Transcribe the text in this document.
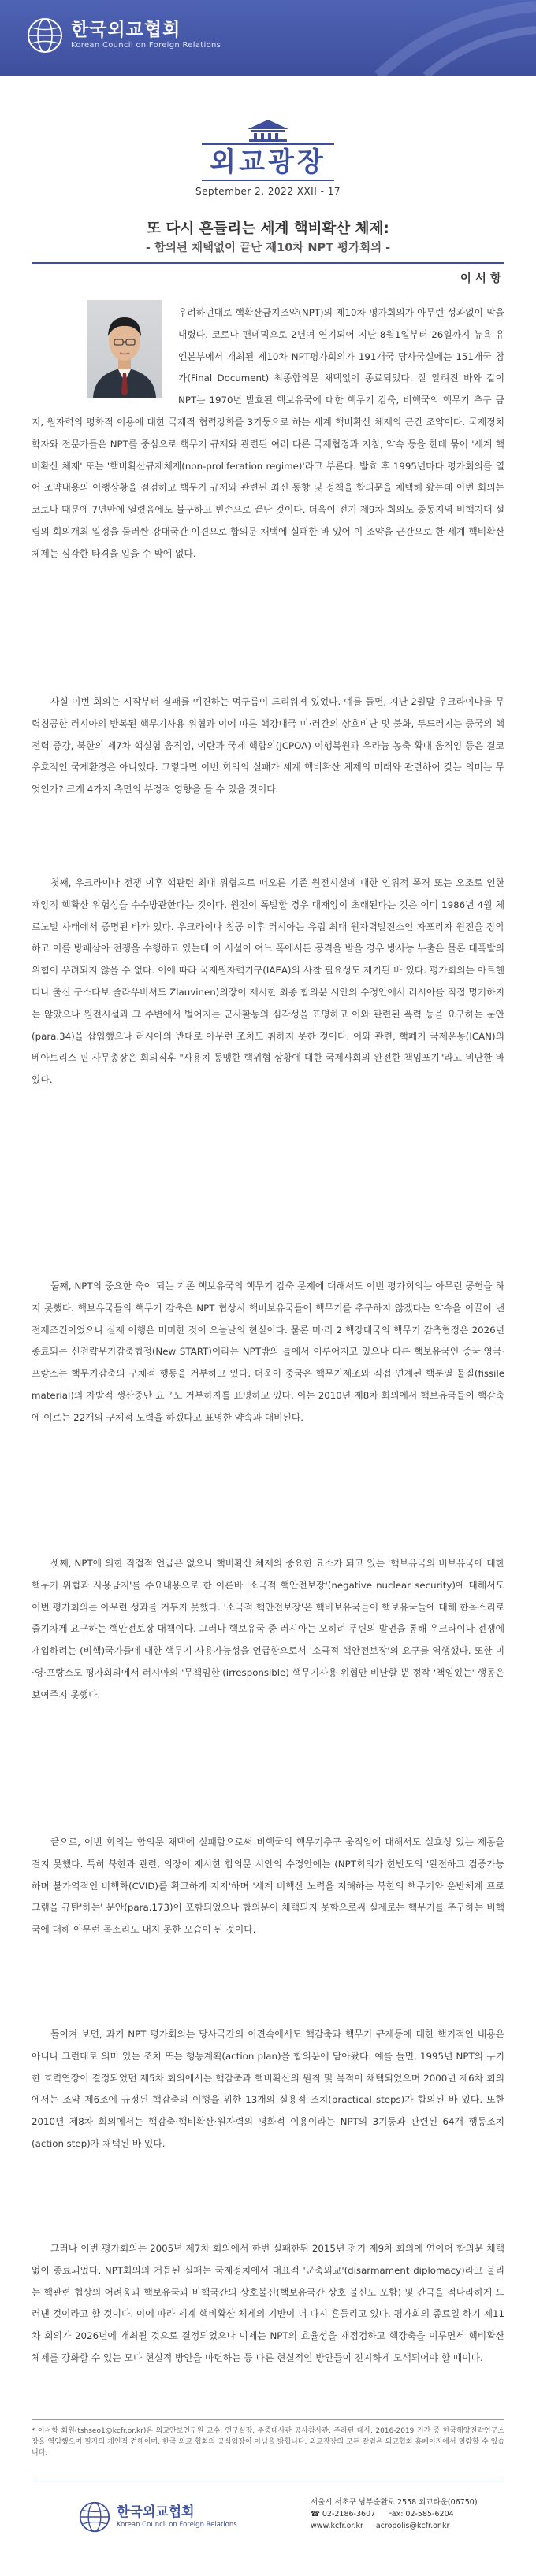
한국외교협회
Korean Council on Foreign Relations
외교광장
September 2, 2022 XXII - 17
또 다시 흔들리는 세계 핵비확산 체제:
- 합의된 채택없이 끝난 제10차 NPT 평가회의 -
이 서 항

우려하던대로 핵확산금지조약(NPT)의 제10차 평가회의가 아무런 성과없이 막을 내렸다. 코로나 팬데믹으로 2년여 연기되어 지난 8월1일부터 26일까지 뉴욕 유엔본부에서 개최된 제10차 NPT평가회의가 191개국 당사국실에는 151개국 참가(Final Document) 최종합의문 채택없이 종료되었다. 잘 알려진 바와 같이 NPT는 1970년 발효된 핵보유국에 대한 핵무기 감축, 비핵국의 핵무기 추구 금지, 원자력의 평화적 이용에 대한 국제적 협력강화를 3기둥으로 하는 세계 핵비확산 체제의 근간 조약이다. 국제정치학자와 전문가들은 NPT를 중심으로 핵무기 규제와 관련된 여러 다른 국제협정과 지침, 약속 등을 한데 묶어 '세계 핵비확산 체제' 또는 '핵비확산규제체제(non-proliferation regime)'라고 부른다. 발효 후 1995년마다 평가회의를 열어 조약내용의 이행상황을 점검하고 핵무기 규제와 관련된 최신 동향 및 정책을 합의문을 채택해 왔는데 이번 회의는 코로나 때문에 7년만에 열렸음에도 불구하고 빈손으로 끝난 것이다. 더욱이 전기 제9차 회의도 중동지역 비핵지대 설립의 회의개최 일정을 둘러싼 강대국간 이견으로 합의문 채택에 실패한 바 있어 이 조약을 근간으로 한 세계 핵비확산 체제는 심각한 타격을 입을 수 밖에 없다.

사실 이번 회의는 시작부터 실패를 예견하는 먹구름이 드리워져 있었다. 예를 들면, 지난 2월말 우크라이나를 무력침공한 러시아의 반복된 핵무기사용 위협과 이에 따른 핵강대국 미·러간의 상호비난 및 불화, 두드러지는 중국의 핵전력 증강, 북한의 제7차 핵실험 움직임, 이란과 국제 핵합의(JCPOA) 이행복원과 우라늄 농축 확대 움직임 등은 결코 우호적인 국제환경은 아니었다. 그렇다면 이번 회의의 실패가 세계 핵비확산 체제의 미래와 관련하여 갖는 의미는 무엇인가? 크게 4가지 측면의 부정적 영향을 들 수 있을 것이다.

첫째, 우크라이나 전쟁 이후 핵관련 최대 위협으로 떠오른 기존 원전시설에 대한 인위적 폭격 또는 오조로 인한 재앙적 핵확산 위험성을 수수방관한다는 것이다. 원전이 폭발할 경우 대재앙이 초래된다는 것은 이미 1986년 4월 체르노빌 사태에서 증명된 바가 있다. 우크라이나 침공 이후 러시아는 유럽 최대 원자력발전소인 자포리자 원전을 장악하고 이를 방패삼아 전쟁을 수행하고 있는데 이 시설이 여느 폭에서든 공격을 받을 경우 방사능 누출은 물론 대폭발의 위험이 우려되지 않을 수 없다. 이에 따라 국제원자력기구(IAEA)의 사찰 필요성도 제기된 바 있다. 평가회의는 아르헨티나 출신 구스타보 줄라우비셔드 Zlauvinen)의장이 제시한 최종 합의문 시안의 수정안에서 러시아를 직접 명기하지는 않았으나 원전시설과 그 주변에서 벌어지는 군사활동의 심각성을 표명하고 이와 관련된 폭력 등을 요구하는 문안(para.34)을 삽입했으나 러시아의 반대로 아무런 조치도 취하지 못한 것이다. 이와 관련, 핵폐기 국제운동(ICAN)의 베아트리스 핀 사무총장은 회의직후 "사용치 동맹한 핵위협 상황에 대한 국제사회의 완전한 책임포기"라고 비난한 바 있다.

둘째, NPT의 중요한 축이 되는 기존 핵보유국의 핵무기 감축 문제에 대해서도 이번 평가회의는 아무런 공헌을 하지 못했다. 핵보유국들의 핵무기 감축은 NPT 협상시 핵비보유국들이 핵무기를 추구하지 않겠다는 약속을 이끌어 낸 전제조건이었으나 실제 이행은 미미한 것이 오늘날의 현실이다. 물론 미·러 2 핵강대국의 핵무기 감축협정은 2026년 종료되는 신전략무기감축협정(New START)이라는 NPT밖의 틀에서 이루어지고 있으나 다른 핵보유국인 중국·영국·프랑스는 핵무기감축의 구체적 행동을 거부하고 있다. 더욱이 중국은 핵무기제조와 직접 연계된 핵분열 물질(fissile material)의 자발적 생산중단 요구도 거부하자를 표명하고 있다. 이는 2010년 제8차 회의에서 핵보유국들이 핵감축에 이르는 22개의 구체적 노력을 하겠다고 표명한 약속과 대비된다.

셋째, NPT에 의한 직접적 언급은 없으나 핵비확산 체제의 중요한 요소가 되고 있는 '핵보유국의 비보유국에 대한 핵무기 위협과 사용금지'를 주요내용으로 한 이른바 '소극적 핵안전보장'(negative nuclear security)에 대해서도 이번 평가회의는 아무런 성과를 거두지 못했다. '소극적 핵안전보장'은 핵비보유국들이 핵보유국들에 대해 한목소리로 줄기차게 요구하는 핵안전보장 대책이다. 그러나 핵보유국 중 러시아는 오히려 푸틴의 발언을 통해 우크라이나 전쟁에 개입하려는 (비핵)국가들에 대한 핵무기 사용가능성을 언급함으로서 '소극적 핵안전보장'의 요구를 역행했다. 또한 미·영·프랑스도 평가회의에서 러시아의 '무책임한'(irresponsible) 핵무기사용 위협만 비난할 뿐 정작 '책임있는' 행동은 보여주지 못했다.

끝으로, 이번 회의는 합의문 채택에 실패함으로써 비핵국의 핵무기추구 움직임에 대해서도 실효성 있는 제동을 걸지 못했다. 특히 북한과 관련, 의장이 제시한 합의문 시안의 수정안에는 (NPT회의가 한반도의 '완전하고 검증가능하며 불가역적인 비핵화(CVID)를 확고하게 지지'하며 '세계 비핵산 노력을 저해하는 북한의 핵무기와 운반체계 프로그램을 규탄'하는' 문안(para.173)이 포함되었으나 합의문이 채택되지 못함으로써 실제로는 핵무기를 추구하는 비핵국에 대해 아무런 목소리도 내지 못한 모습이 된 것이다.

돌이켜 보면, 과거 NPT 평가회의는 당사국간의 이견속에서도 핵감축과 핵무기 규제등에 대한 핵기적인 내용은 아니나 그런대로 의미 있는 조치 또는 행동계획(action plan)을 합의문에 담아왔다. 예를 들면, 1995년 NPT의 무기한 효력연장이 결정되었던 제5차 회의에서는 핵감축과 핵비확산의 원칙 및 목적이 채택되었으며 2000년 제6차 회의에서는 조약 제6조에 규정된 핵감축의 이행을 위한 13개의 실용적 조치(practical steps)가 합의된 바 있다. 또한 2010년 제8차 회의에서는 핵감축·핵비확산·원자력의 평화적 이용이라는 NPT의 3기둥과 관련된 64개 행동조치(action step)가 채택된 바 있다.

그러나 이번 평가회의는 2005년 제7차 회의에서 한번 실패한뒤 2015년 전기 제9차 회의에 연이어 합의문 채택없이 종료되었다. NPT회의의 거듭된 실패는 국제정치에서 대표적 '군축외교'(disarmament diplomacy)라고 불리는 핵관련 협상의 어려움과 핵보유국과 비핵국간의 상호불신(핵보유국간 상호 불신도 포함) 및 간극을 적나라하게 드러낸 것이라고 할 것이다. 이에 따라 세계 핵비확산 체제의 기반이 더 다시 흔들리고 있다. 평가회의 종료일 하기 제11차 회의가 2026년에 개최될 것으로 결정되었으나 이제는 NPT의 효율성을 재점검하고 핵강축을 이루면서 핵비확산 체제를 강화할 수 있는 모다 현실적 방안을 마련하는 등 다른 현실적인 방안들이 진지하게 모색되어야 할 때이다.

* 이서항 회원(tshseo1@kcfr.or.kr)은 외교안보연구원 교수, 연구실장, 주중대사관 공사참사관, 주라틴 대사, 2016-2019 기간 중 한국해양전략연구소장을 역임했으며 필자의 개인적 견해이며, 한국 외교 협회의 공식입장이 아님을 밝힙니다. 외교광장의 모든 칼럼은 외교협회 홈페이지에서 열람할 수 있습니다.
한국외교협회
Korean Council on Foreign Relations
서울시 서초구 남부순환로 2558 외교타운(06750)
☎ 02-2186-3607 Fax: 02-585-6204
www.kcfr.or.kr acropolis@kcfr.or.kr
